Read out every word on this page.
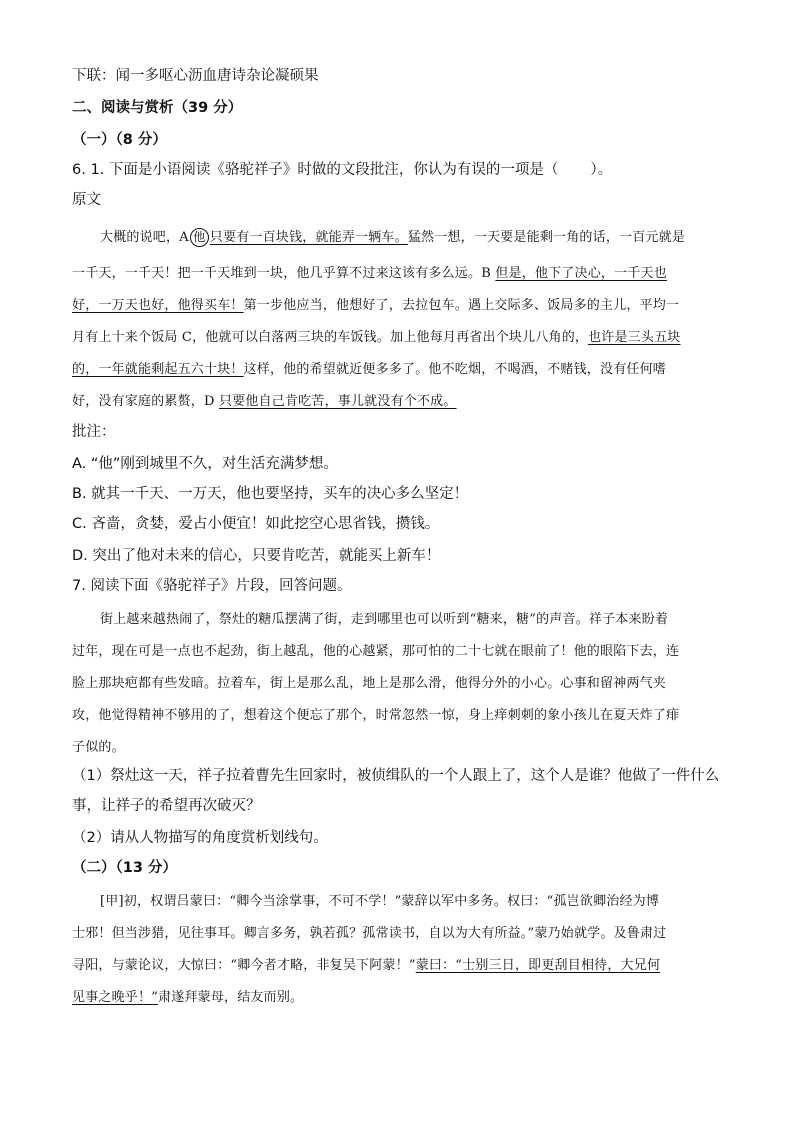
下联：闻一多呕心沥血唐诗杂论凝硕果
二、阅读与赏析（39 分）
（一）（8 分）
6. 1. 下面是小语阅读《骆驼祥子》时做的文段批注，你认为有误的一项是（ ）。
原文
大概的说吧，A 他 只要有一百块钱，就能弄一辆车。猛然一想，一天要是能剩一角的话，一百元就是
一千天，一千天！把一千天堆到一块，他几乎算不过来这该有多么远。B 但是，他下了决心，一千天也
好，一万天也好，他得买车！第一步他应当，他想好了，去拉包车。遇上交际多、饭局多的主儿，平均一
月有上十来个饭局 C，他就可以白落两三块的车饭钱。加上他每月再省出个块儿八角的，也许是三头五块
的，一年就能剩起五六十块！这样，他的希望就近便多多了。他不吃烟，不喝酒，不赌钱，没有任何嗜
好，没有家庭的累赘，D 只要他自己肯吃苦，事儿就没有个不成。
批注：
A. “他”刚到城里不久，对生活充满梦想。
B. 就其一千天、一万天，他也要坚持，买车的决心多么坚定！
C. 吝啬，贪婪，爱占小便宜！如此挖空心思省钱，攒钱。
D. 突出了他对未来的信心，只要肯吃苦，就能买上新车！
7. 阅读下面《骆驼祥子》片段，回答问题。
街上越来越热闹了，祭灶的糖瓜摆满了街，走到哪里也可以听到“糖来，糖”的声音。祥子本来盼着
过年，现在可是一点也不起劲，街上越乱，他的心越紧，那可怕的二十七就在眼前了！他的眼陷下去，连
脸上那块疤都有些发暗。拉着车，街上是那么乱，地上是那么滑，他得分外的小心。心事和留神两气夹
攻，他觉得精神不够用的了，想着这个便忘了那个，时常忽然一惊，身上痒刺刺的象小孩儿在夏天炸了痱
子似的。
（1）祭灶这一天，祥子拉着曹先生回家时，被侦缉队的一个人跟上了，这个人是谁？他做了一件什么
事，让祥子的希望再次破灭？
（2）请从人物描写的角度赏析划线句。
（二）（13 分）
[甲]初，权谓吕蒙曰：“卿今当涂掌事，不可不学！”蒙辞以军中多务。权曰：“孤岂欲卿治经为博
士邪！但当涉猎，见往事耳。卿言多务，孰若孤？孤常读书，自以为大有所益。”蒙乃始就学。及鲁肃过
寻阳，与蒙论议，大惊曰：“卿今者才略，非复吴下阿蒙！”蒙曰：“士别三日，即更刮目相待，大兄何
见事之晚乎！”肃遂拜蒙母，结友而别。
